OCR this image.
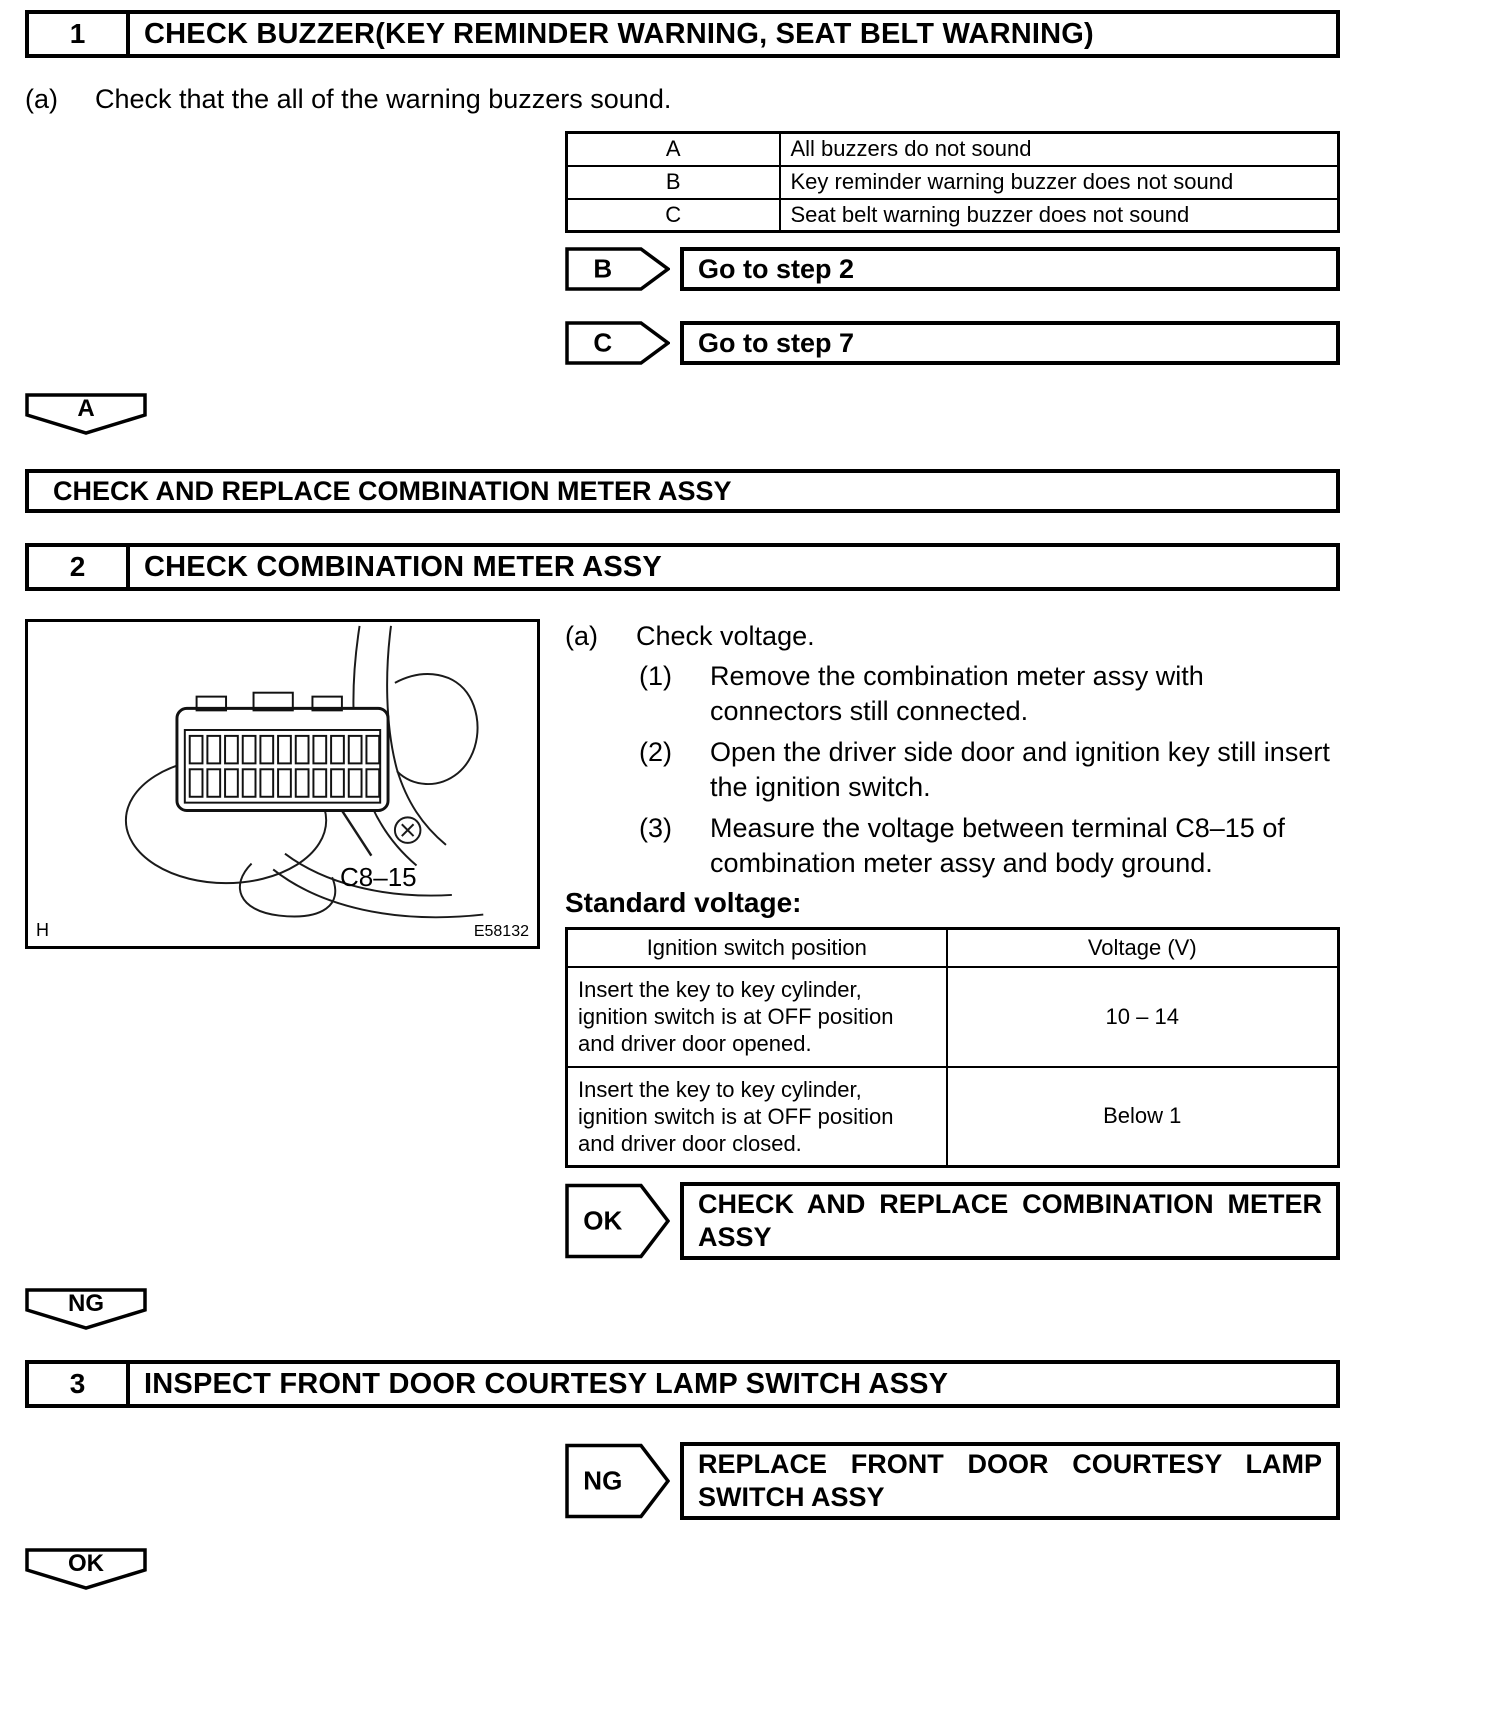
1	CHECK BUZZER(KEY REMINDER WARNING, SEAT BELT WARNING)
(a)	Check that the all of the warning buzzers sound.
A	All buzzers do not sound
B	Key reminder warning buzzer does not sound
C	Seat belt warning buzzer does not sound
B	Go to step 2
C	Go to step 7
A
CHECK AND REPLACE COMBINATION METER ASSY
2	CHECK COMBINATION METER ASSY
C8–15
H	E58132
(a)	Check voltage.
(1)	Remove the combination meter assy with connectors still connected.
(2)	Open the driver side door and ignition key still insert the ignition switch.
(3)	Measure the voltage between terminal C8–15 of combination meter assy and body ground.
Standard voltage:
Ignition switch position	Voltage (V)
Insert the key to key cylinder, ignition switch is at OFF position and driver door opened.	10 – 14
Insert the key to key cylinder, ignition switch is at OFF position and driver door closed.	Below 1
OK
CHECK AND REPLACE COMBINATION METER ASSY
NG
3	INSPECT FRONT DOOR COURTESY LAMP SWITCH ASSY
NG
REPLACE FRONT DOOR COURTESY LAMP SWITCH ASSY
OK
